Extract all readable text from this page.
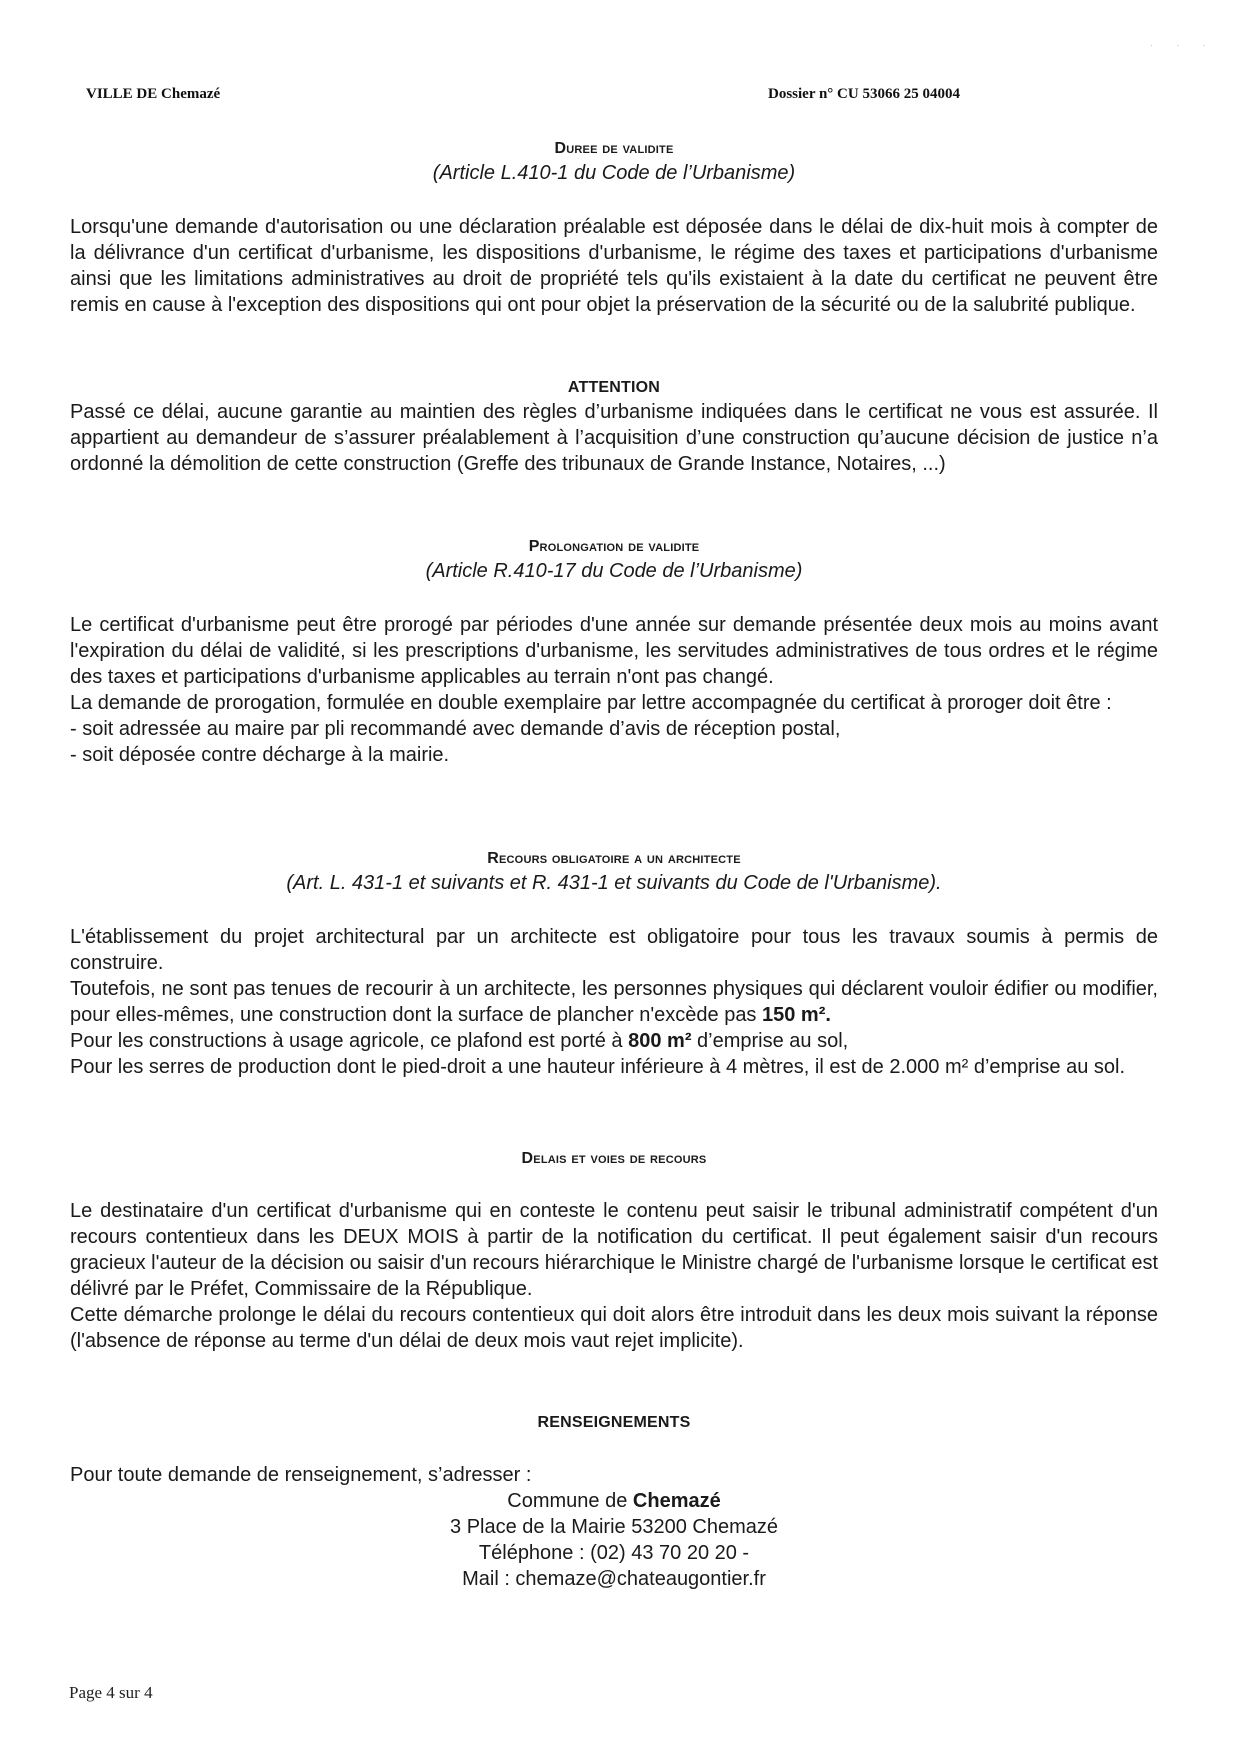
· · ·
VILLE DE Chemazé	Dossier n° CU 53066 25 04004
Duree de validite
(Article L.410-1 du Code de l’Urbanisme)

Lorsqu'une demande d'autorisation ou une déclaration préalable est déposée dans le délai de dix-huit mois à compter de la délivrance d'un certificat d'urbanisme, les dispositions d'urbanisme, le régime des taxes et participations d'urbanisme ainsi que les limitations administratives au droit de propriété tels qu'ils existaient à la date du certificat ne peuvent être remis en cause à l'exception des dispositions qui ont pour objet la préservation de la sécurité ou de la salubrité publique.

ATTENTION

Passé ce délai, aucune garantie au maintien des règles d’urbanisme indiquées dans le certificat ne vous est assurée. Il appartient au demandeur de s’assurer préalablement à l’acquisition d’une construction qu’aucune décision de justice n’a ordonné la démolition de cette construction (Greffe des tribunaux de Grande Instance, Notaires, ...)

Prolongation de validite
(Article R.410-17 du Code de l’Urbanisme)

Le certificat d'urbanisme peut être prorogé par périodes d'une année sur demande présentée deux mois au moins avant l'expiration du délai de validité, si les prescriptions d'urbanisme, les servitudes administratives de tous ordres et le régime des taxes et participations d'urbanisme applicables au terrain n'ont pas changé.

La demande de prorogation, formulée en double exemplaire par lettre accompagnée du certificat à proroger doit être :

- soit adressée au maire par pli recommandé avec demande d’avis de réception postal,

- soit déposée contre décharge à la mairie.

Recours obligatoire a un architecte
(Art. L. 431-1 et suivants et R. 431-1 et suivants du Code de l'Urbanisme).

L'établissement du projet architectural par un architecte est obligatoire pour tous les travaux soumis à permis de construire.

Toutefois, ne sont pas tenues de recourir à un architecte, les personnes physiques qui déclarent vouloir édifier ou modifier, pour elles-mêmes, une construction dont la surface de plancher n'excède pas 150 m².

Pour les constructions à usage agricole, ce plafond est porté à 800 m² d’emprise au sol,

Pour les serres de production dont le pied-droit a une hauteur inférieure à 4 mètres, il est de 2.000 m² d’emprise au sol.

Delais et voies de recours

Le destinataire d'un certificat d'urbanisme qui en conteste le contenu peut saisir le tribunal administratif compétent d'un recours contentieux dans les DEUX MOIS à partir de la notification du certificat. Il peut également saisir d'un recours gracieux l'auteur de la décision ou saisir d'un recours hiérarchique le Ministre chargé de l'urbanisme lorsque le certificat est délivré par le Préfet, Commissaire de la République.

Cette démarche prolonge le délai du recours contentieux qui doit alors être introduit dans les deux mois suivant la réponse (l'absence de réponse au terme d'un délai de deux mois vaut rejet implicite).

RENSEIGNEMENTS

Pour toute demande de renseignement, s’adresser :

Commune de Chemazé

3 Place de la Mairie 53200 Chemazé

Téléphone : (02) 43 70 20 20 -

Mail : chemaze@chateaugontier.fr

Page 4 sur 4
